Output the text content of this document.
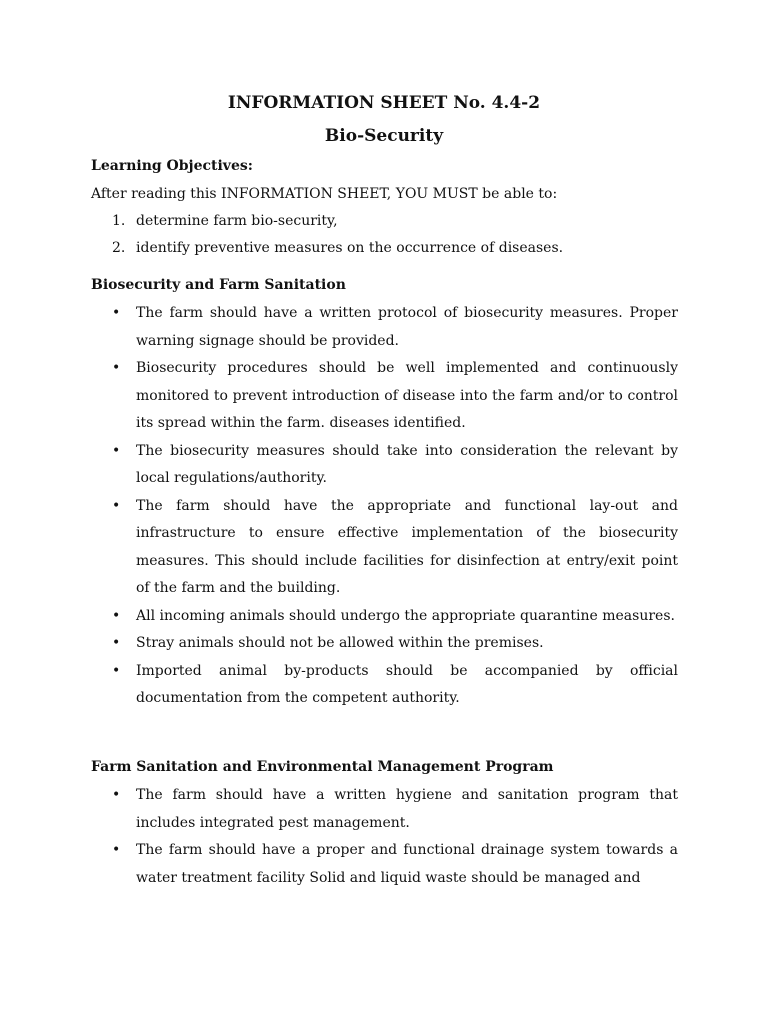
INFORMATION SHEET No. 4.4-2
Bio-Security
Learning Objectives:
After reading this INFORMATION SHEET, YOU MUST be able to:
1. determine farm bio-security,
2. identify preventive measures on the occurrence of diseases.
Biosecurity and Farm Sanitation
• The farm should have a written protocol of biosecurity measures. Proper warning signage should be provided.
• Biosecurity procedures should be well implemented and continuously monitored to prevent introduction of disease into the farm and/or to control its spread within the farm. diseases identified.
• The biosecurity measures should take into consideration the relevant by local regulations/authority.
• The farm should have the appropriate and functional lay-out and infrastructure to ensure effective implementation of the biosecurity measures. This should include facilities for disinfection at entry/exit point of the farm and the building.
• All incoming animals should undergo the appropriate quarantine measures.
• Stray animals should not be allowed within the premises.
• Imported animal by-products should be accompanied by official documentation from the competent authority.
Farm Sanitation and Environmental Management Program
• The farm should have a written hygiene and sanitation program that includes integrated pest management.
• The farm should have a proper and functional drainage system towards a water treatment facility Solid and liquid waste should be managed and
